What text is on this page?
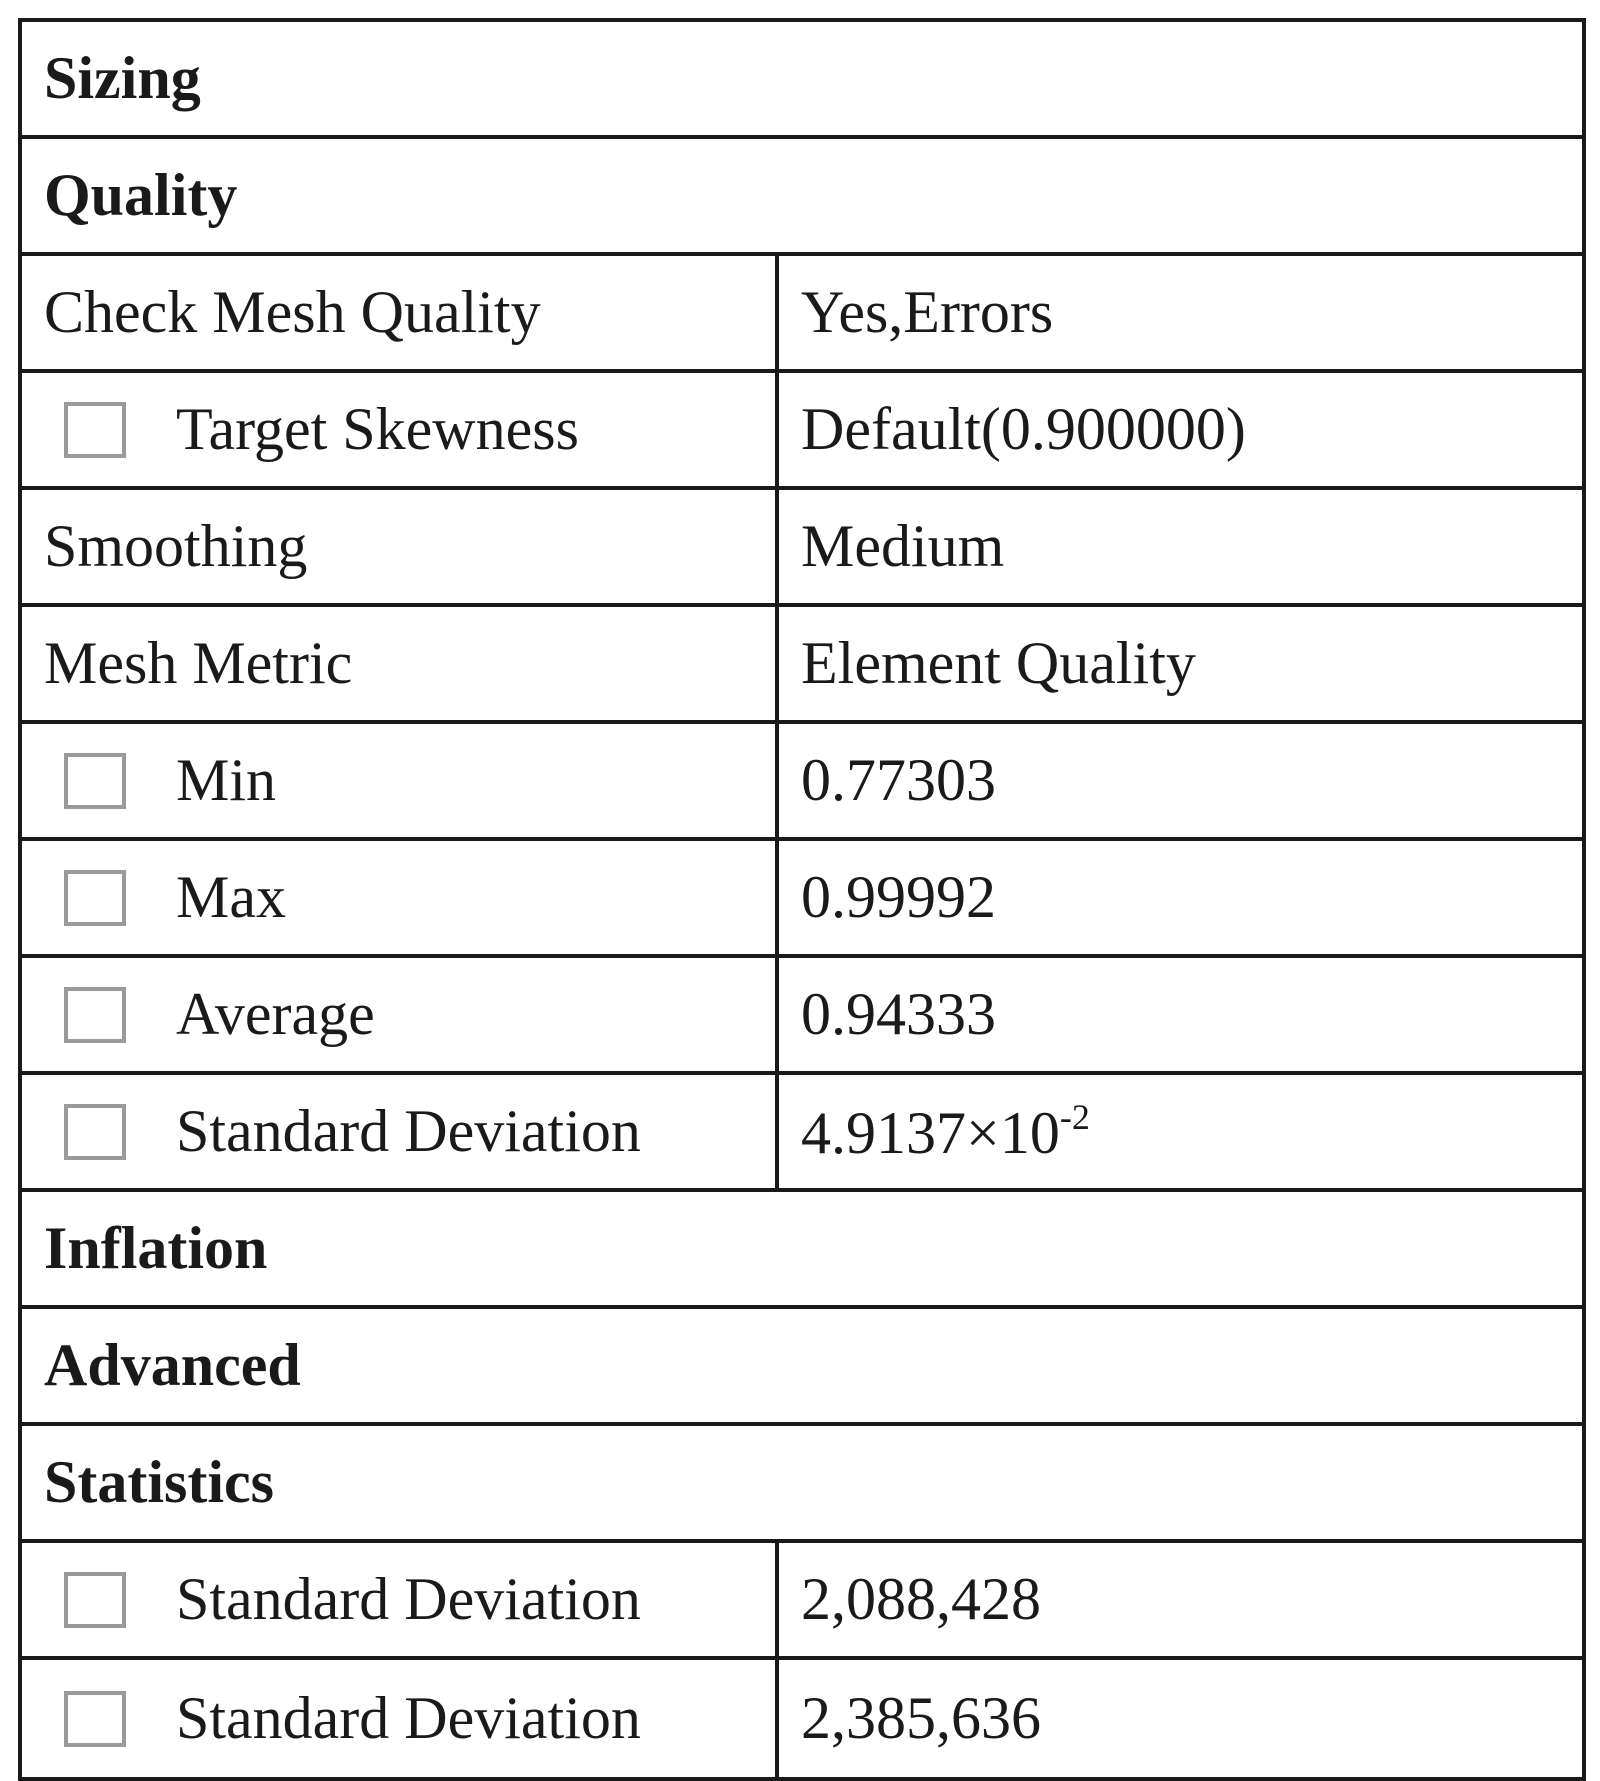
Sizing
Quality
Check Mesh Quality	Yes,Errors
Target Skewness	Default(0.900000)
Smoothing	Medium
Mesh Metric	Element Quality
Min	0.77303
Max	0.99992
Average	0.94333
Standard Deviation	$4.9137\times 10^{-2}$
Inflation
Advanced
Statistics
Standard Deviation	2,088,428
Standard Deviation	2,385,636
